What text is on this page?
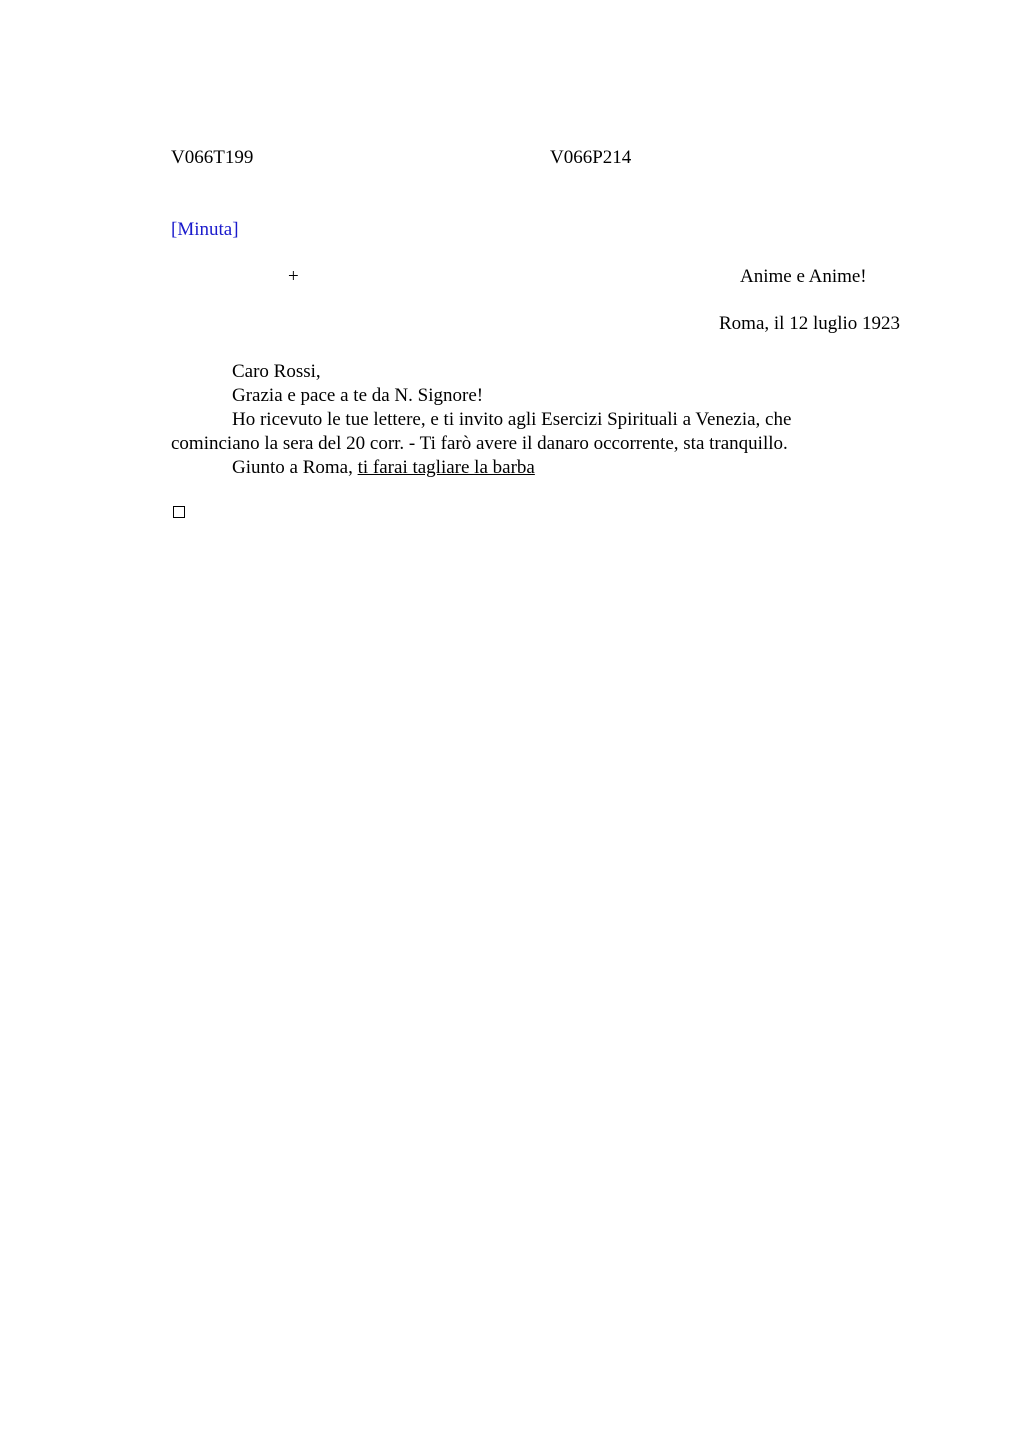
V066T199	V066P214
[Minuta]
+	Anime e Anime!
Roma, il 12 luglio 1923

Caro Rossi,

Grazia e pace a te da N. Signore!

Ho ricevuto le tue lettere, e ti invito agli Esercizi Spirituali a Venezia, che cominciano la sera del 20 corr. - Ti farò avere il danaro occorrente, sta tranquillo.

Giunto a Roma, ti farai tagliare la barba
